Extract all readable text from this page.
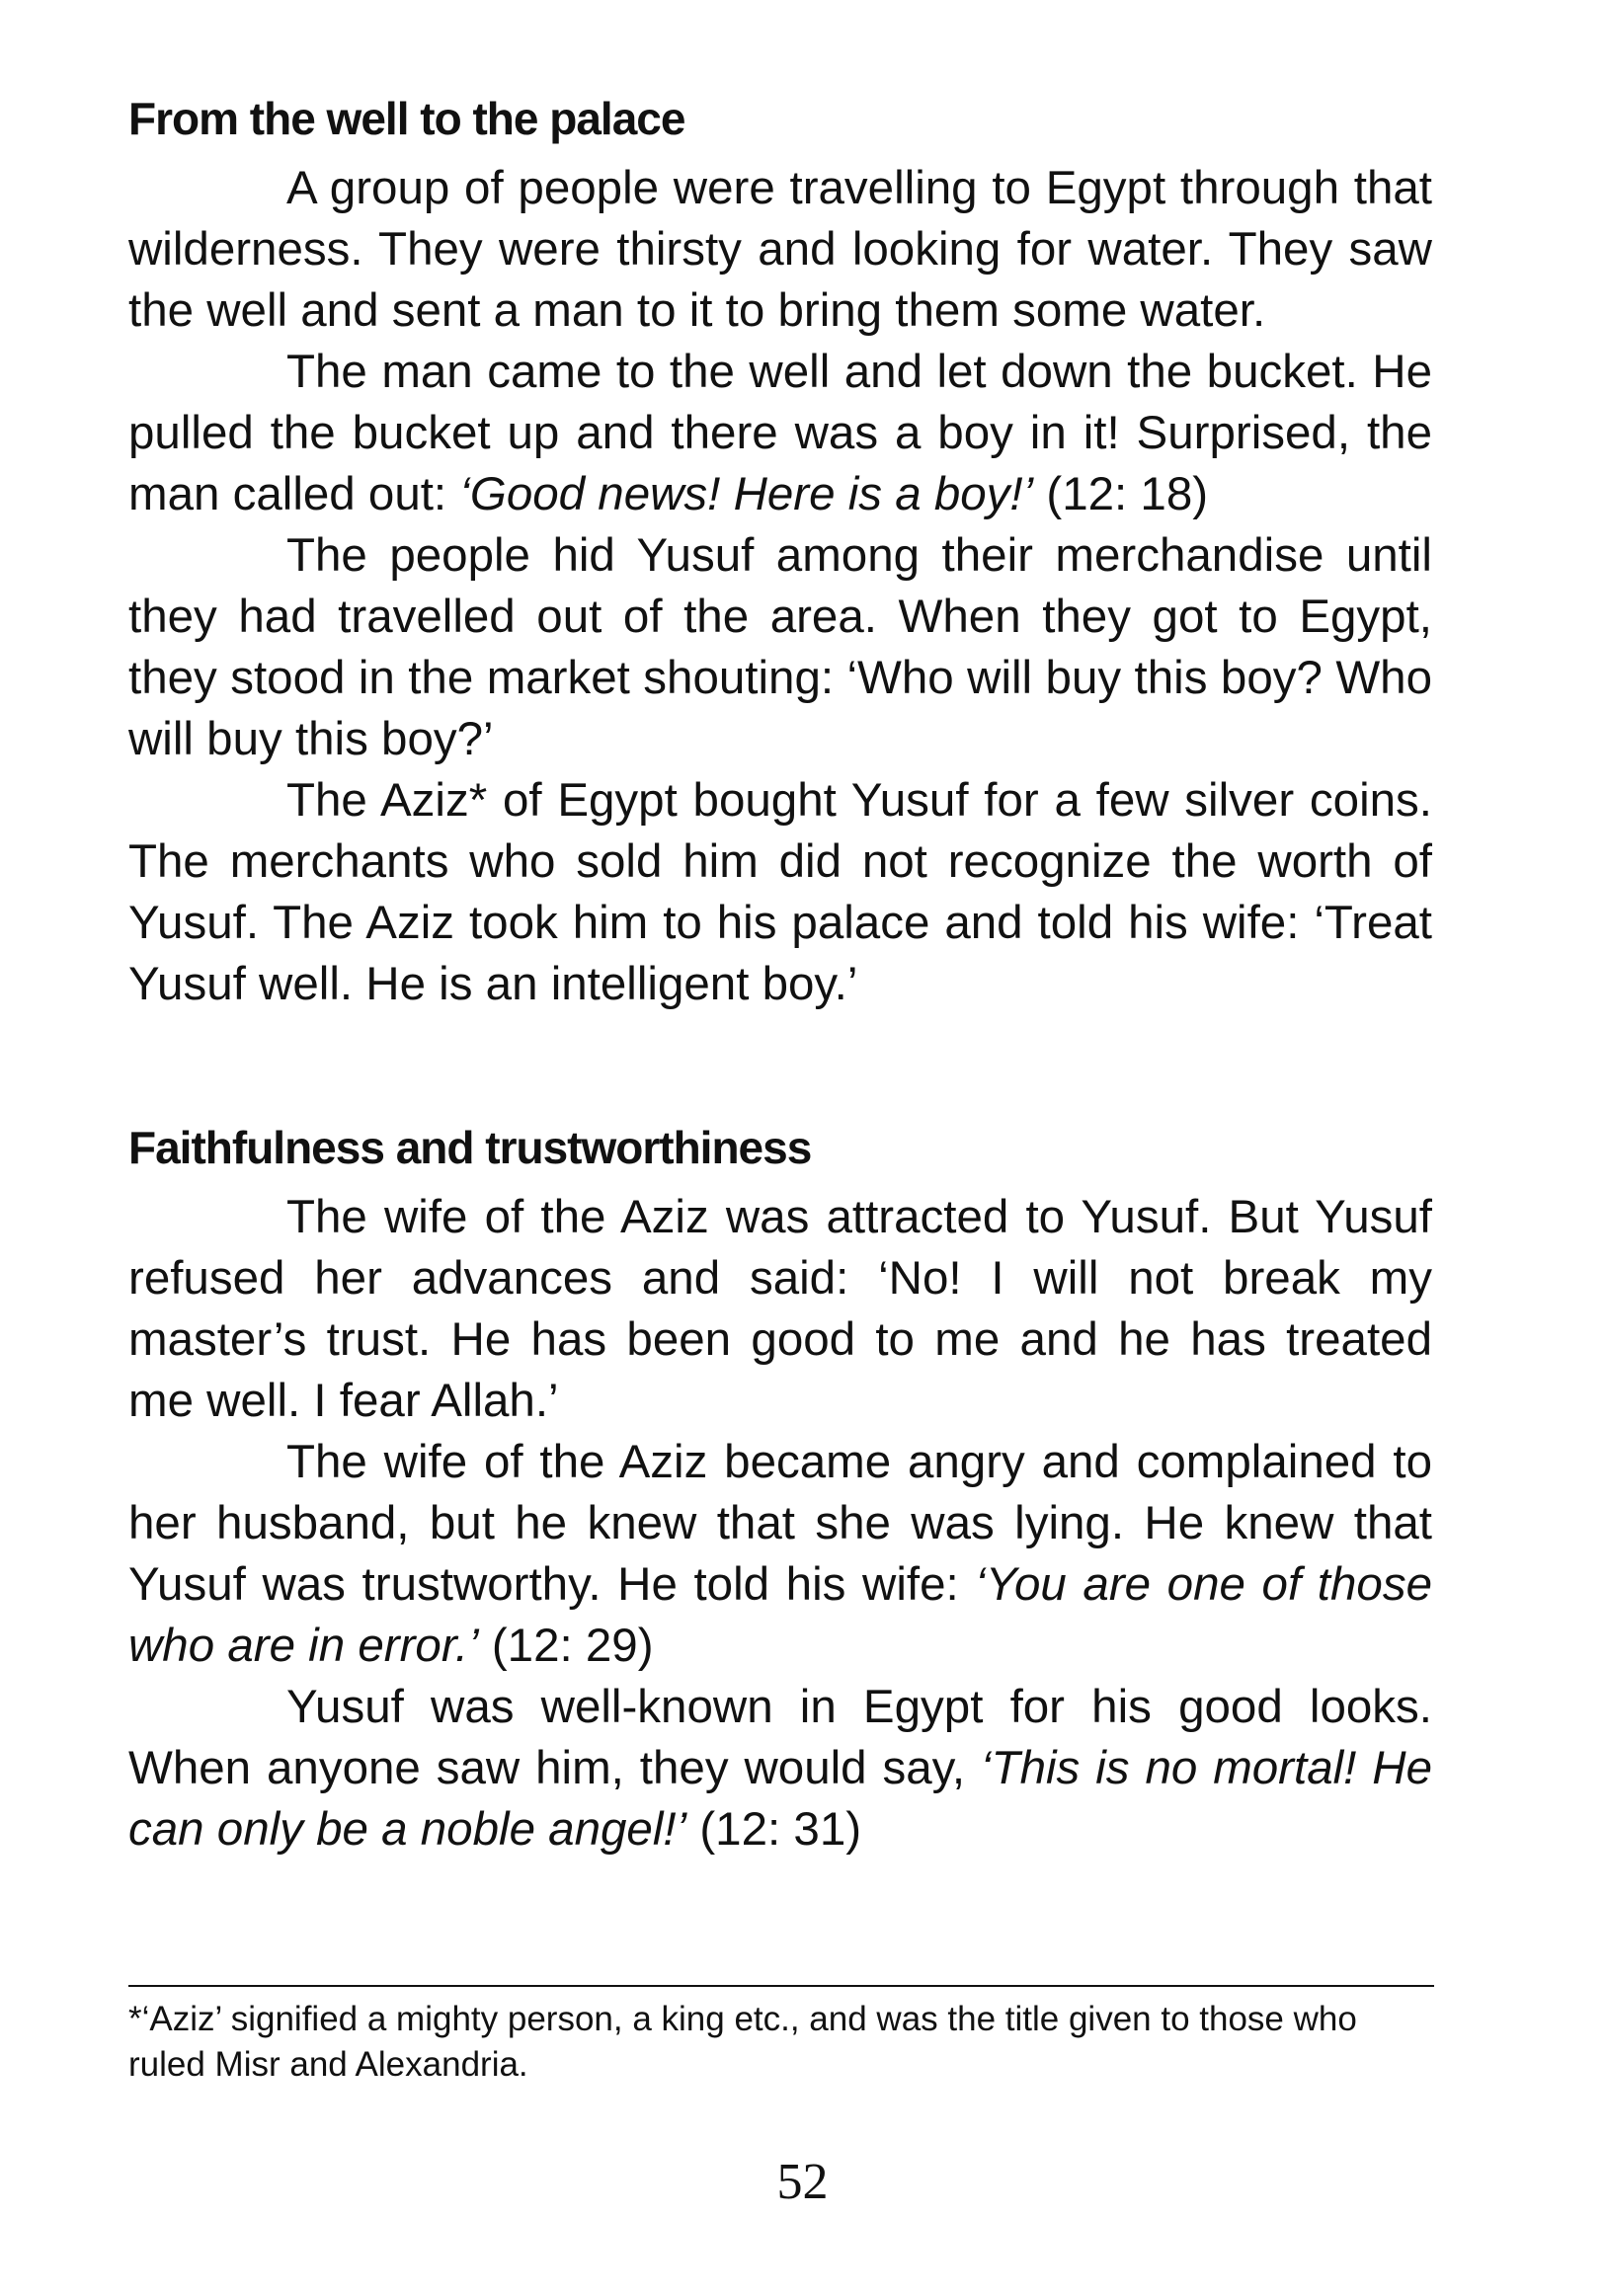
From the well to the palace

A group of people were travelling to Egypt through that wilderness. They were thirsty and looking for water. They saw the well and sent a man to it to bring them some water.

The man came to the well and let down the bucket. He pulled the bucket up and there was a boy in it! Surprised, the man called out: ‘Good news! Here is a boy!’ (12: 18)

The people hid Yusuf among their merchandise until they had travelled out of the area. When they got to Egypt, they stood in the market shouting: ‘Who will buy this boy? Who will buy this boy?’

The Aziz* of Egypt bought Yusuf for a few silver coins. The merchants who sold him did not recognize the worth of Yusuf. The Aziz took him to his palace and told his wife: ‘Treat Yusuf well. He is an intelligent boy.’

Faithfulness and trustworthiness

The wife of the Aziz was attracted to Yusuf. But Yusuf refused her advances and said: ‘No! I will not break my master’s trust. He has been good to me and he has treated me well. I fear Allah.’

The wife of the Aziz became angry and complained to her husband, but he knew that she was lying. He knew that Yusuf was trustworthy. He told his wife: ‘You are one of those who are in error.’ (12: 29)

Yusuf was well-known in Egypt for his good looks. When anyone saw him, they would say, ‘This is no mortal! He can only be a noble angel!’ (12: 31)

*‘Aziz’ signified a mighty person, a king etc., and was the title given to those who ruled Misr and Alexandria.
52
